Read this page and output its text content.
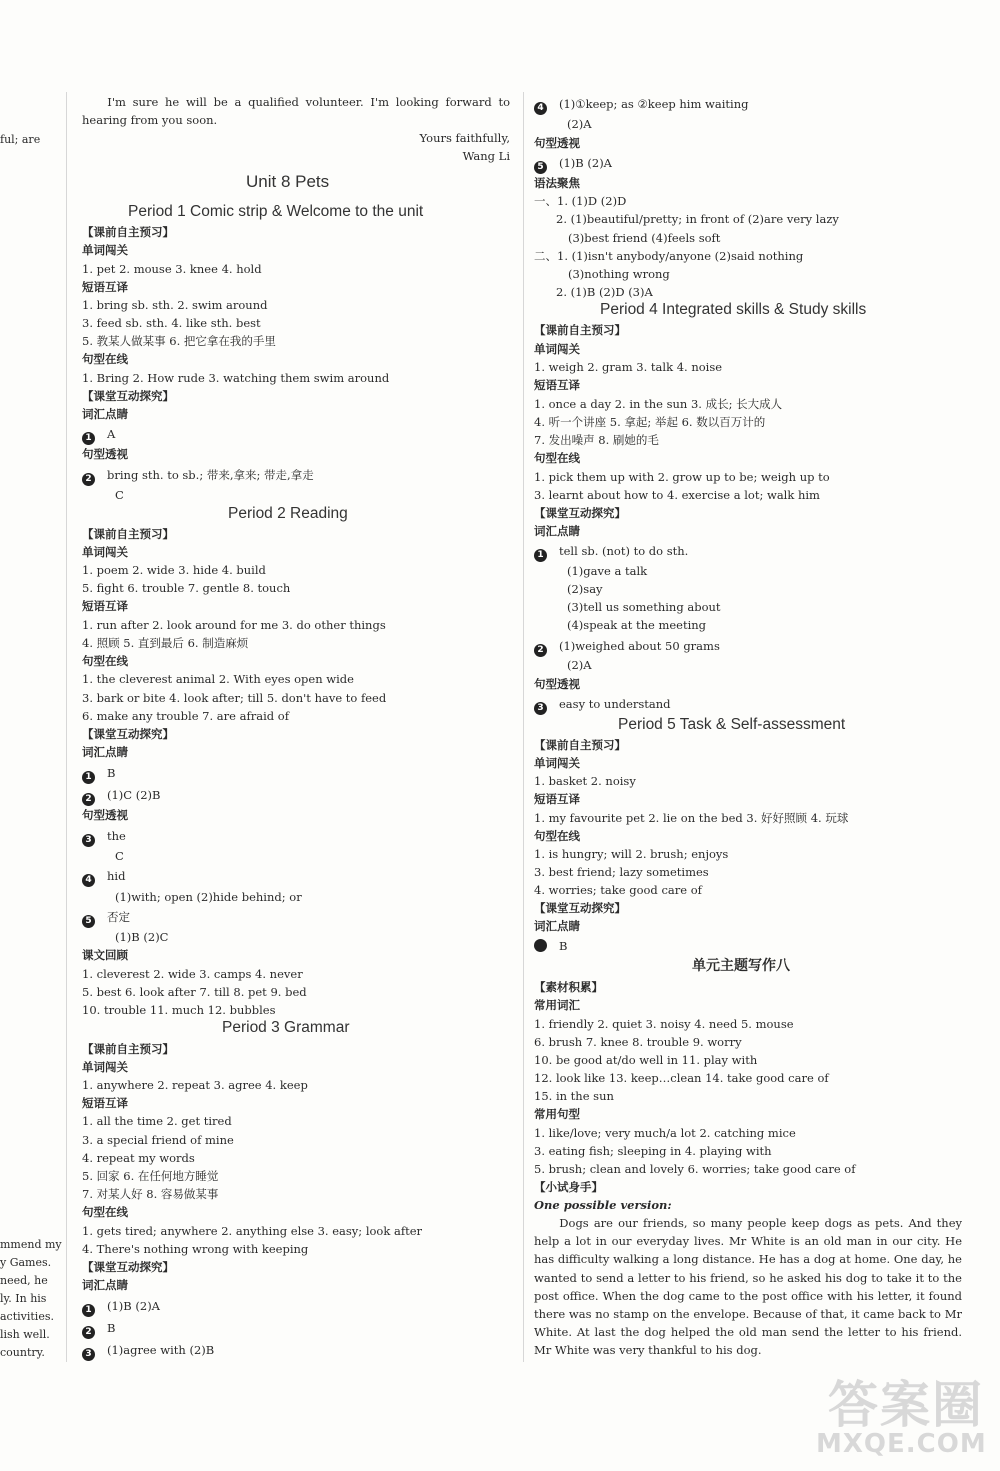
ful; are
mmend my
y Games.
need, he
ly. In his
activities.
lish well.
country.
I'm sure he will be a qualified volunteer. I'm looking forward to hearing from you soon.
Yours faithfully,
Wang Li
Unit 8 Pets
Period 1 Comic strip & Welcome to the unit
【课前自主预习】
单词闯关
1. pet 2. mouse 3. knee 4. hold
短语互译
1. bring sb. sth. 2. swim around
3. feed sb. sth. 4. like sth. best
5. 教某人做某事 6. 把它拿在我的手里
句型在线
1. Bring 2. How rude 3. watching them swim around
【课堂互动探究】
词汇点睛
1 A
句型透视
2 bring sth. to sb.; 带来,拿来; 带走,拿走
C
Period 2 Reading
【课前自主预习】
单词闯关
1. poem 2. wide 3. hide 4. build
5. fight 6. trouble 7. gentle 8. touch
短语互译
1. run after 2. look around for me 3. do other things
4. 照顾 5. 直到最后 6. 制造麻烦
句型在线
1. the cleverest animal 2. With eyes open wide
3. bark or bite 4. look after; till 5. don't have to feed
6. make any trouble 7. are afraid of
【课堂互动探究】
词汇点睛
1 B
2 (1)C (2)B
句型透视
3 the
C
4 hid
(1)with; open (2)hide behind; or
5 否定
(1)B (2)C
课文回顾
1. cleverest 2. wide 3. camps 4. never
5. best 6. look after 7. till 8. pet 9. bed
10. trouble 11. much 12. bubbles
Period 3 Grammar
【课前自主预习】
单词闯关
1. anywhere 2. repeat 3. agree 4. keep
短语互译
1. all the time 2. get tired
3. a special friend of mine
4. repeat my words
5. 回家 6. 在任何地方睡觉
7. 对某人好 8. 容易做某事
句型在线
1. gets tired; anywhere 2. anything else 3. easy; look after
4. There's nothing wrong with keeping
【课堂互动探究】
词汇点睛
1 (1)B (2)A
2 B
3 (1)agree with (2)B
4 (1)①keep; as ②keep him waiting
(2)A
句型透视
5 (1)B (2)A
语法聚焦
一、1. (1)D (2)D
2. (1)beautiful/pretty; in front of (2)are very lazy
(3)best friend (4)feels soft
二、1. (1)isn't anybody/anyone (2)said nothing
(3)nothing wrong
2. (1)B (2)D (3)A
Period 4 Integrated skills & Study skills
【课前自主预习】
单词闯关
1. weigh 2. gram 3. talk 4. noise
短语互译
1. once a day 2. in the sun 3. 成长; 长大成人
4. 听一个讲座 5. 拿起; 举起 6. 数以百万计的
7. 发出噪声 8. 刷她的毛
句型在线
1. pick them up with 2. grow up to be; weigh up to
3. learnt about how to 4. exercise a lot; walk him
【课堂互动探究】
词汇点睛
1 tell sb. (not) to do sth.
(1)gave a talk
(2)say
(3)tell us something about
(4)speak at the meeting
2 (1)weighed about 50 grams
(2)A
句型透视
3 easy to understand
Period 5 Task & Self-assessment
【课前自主预习】
单词闯关
1. basket 2. noisy
短语互译
1. my favourite pet 2. lie on the bed 3. 好好照顾 4. 玩球
句型在线
1. is hungry; will 2. brush; enjoys
3. best friend; lazy sometimes
4. worries; take good care of
【课堂互动探究】
词汇点睛
B
单元主题写作八
【素材积累】
常用词汇
1. friendly 2. quiet 3. noisy 4. need 5. mouse
6. brush 7. knee 8. trouble 9. worry
10. be good at/do well in 11. play with
12. look like 13. keep…clean 14. take good care of
15. in the sun
常用句型
1. like/love; very much/a lot 2. catching mice
3. eating fish; sleeping in 4. playing with
5. brush; clean and lovely 6. worries; take good care of
【小试身手】
One possible version:
Dogs are our friends, so many people keep dogs as pets. And they help a lot in our everyday lives. Mr White is an old man in our city. He has difficulty walking a long distance. He has a dog at home. One day, he wanted to send a letter to his friend, so he asked his dog to take it to the post office. When the dog came to the post office with his letter, it found there was no stamp on the envelope. Because of that, it came back to Mr White. At last the dog helped the old man send the letter to his friend. Mr White was very thankful to his dog.
答案圈
MXQE.COM
